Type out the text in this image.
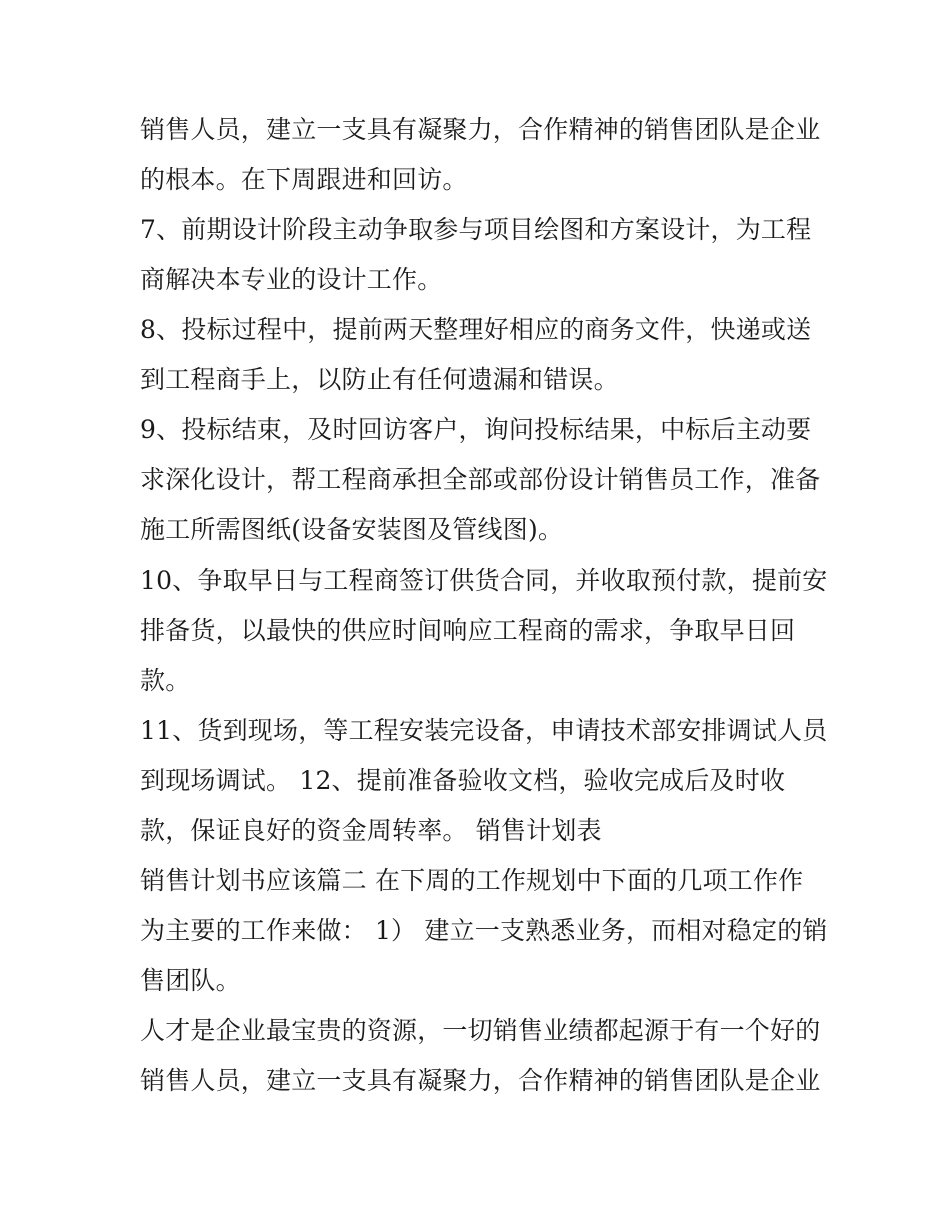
销售人员，建立一支具有凝聚力，合作精神的销售团队是企业

的根本。在下周跟进和回访。

7、前期设计阶段主动争取参与项目绘图和方案设计，为工程

商解决本专业的设计工作。

8、投标过程中，提前两天整理好相应的商务文件，快递或送

到工程商手上，以防止有任何遗漏和错误。

9、投标结束，及时回访客户，询问投标结果，中标后主动要

求深化设计，帮工程商承担全部或部份设计销售员工作，准备

施工所需图纸(设备安装图及管线图)。

10、争取早日与工程商签订供货合同，并收取预付款，提前安

排备货，以最快的供应时间响应工程商的需求，争取早日回

款。

11、货到现场，等工程安装完设备，申请技术部安排调试人员

到现场调试。 12、提前准备验收文档，验收完成后及时收

款，保证良好的资金周转率。 销售计划表

销售计划书应该篇二 在下周的工作规划中下面的几项工作作

为主要的工作来做： 1） 建立一支熟悉业务，而相对稳定的销

售团队。

人才是企业最宝贵的资源，一切销售业绩都起源于有一个好的

销售人员，建立一支具有凝聚力，合作精神的销售团队是企业
